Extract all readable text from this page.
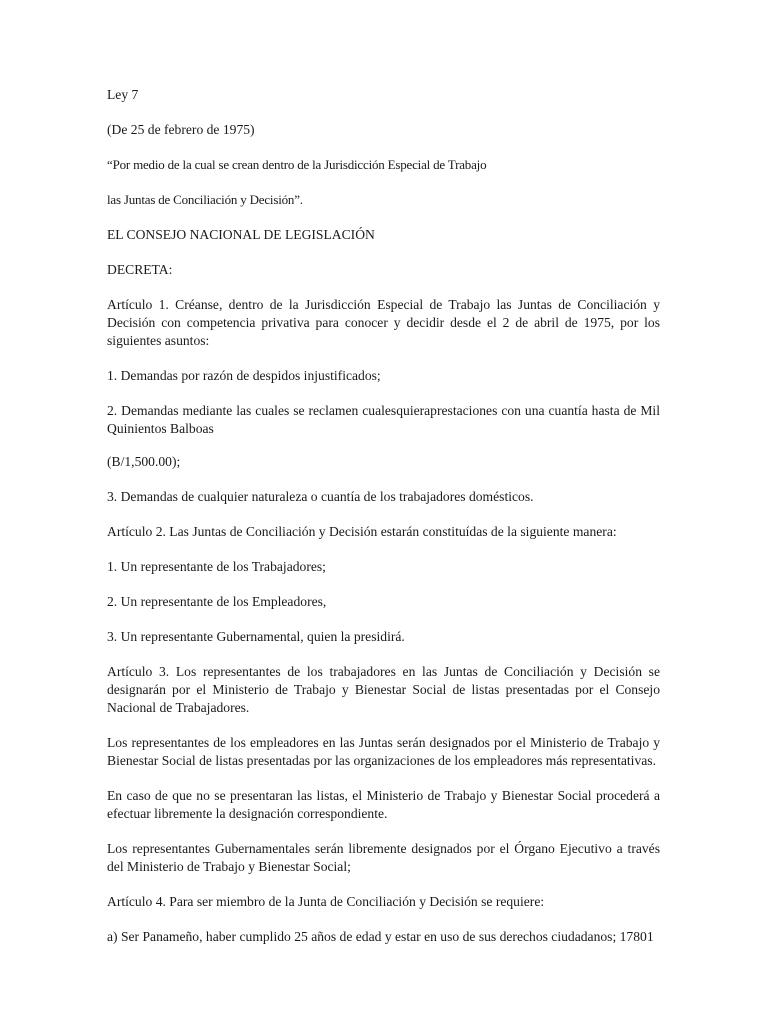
Ley 7

(De 25 de febrero de 1975)

“Por medio de la cual se crean dentro de la Jurisdicción Especial de Trabajo

las Juntas de Conciliación y Decisión”.

EL CONSEJO NACIONAL DE LEGISLACIÓN

DECRETA:

Artículo 1. Créanse, dentro de la Jurisdicción Especial de Trabajo las Juntas de Conciliación y Decisión con competencia privativa para conocer y decidir desde el 2 de abril de 1975, por los siguientes asuntos:

1. Demandas por razón de despidos injustificados;

2. Demandas mediante las cuales se reclamen cualesquieraprestaciones con una cuantía hasta de Mil Quinientos Balboas

(B/1,500.00);

3. Demandas de cualquier naturaleza o cuantía de los trabajadores domésticos.

Artículo 2. Las Juntas de Conciliación y Decisión estarán constituídas de la siguiente manera:

1. Un representante de los Trabajadores;

2. Un representante de los Empleadores,

3. Un representante Gubernamental, quien la presidirá.

Artículo 3. Los representantes de los trabajadores en las Juntas de Conciliación y Decisión se designarán por el Ministerio de Trabajo y Bienestar Social de listas presentadas por el Consejo Nacional de Trabajadores.

Los representantes de los empleadores en las Juntas serán designados por el Ministerio de Trabajo y Bienestar Social de listas presentadas por las organizaciones de los empleadores más representativas.

En caso de que no se presentaran las listas, el Ministerio de Trabajo y Bienestar Social procederá a efectuar libremente la designación correspondiente.

Los representantes Gubernamentales serán libremente designados por el Órgano Ejecutivo a través del Ministerio de Trabajo y Bienestar Social;

Artículo 4. Para ser miembro de la Junta de Conciliación y Decisión se requiere:

a) Ser Panameño, haber cumplido 25 años de edad y estar en uso de sus derechos ciudadanos; 17801
